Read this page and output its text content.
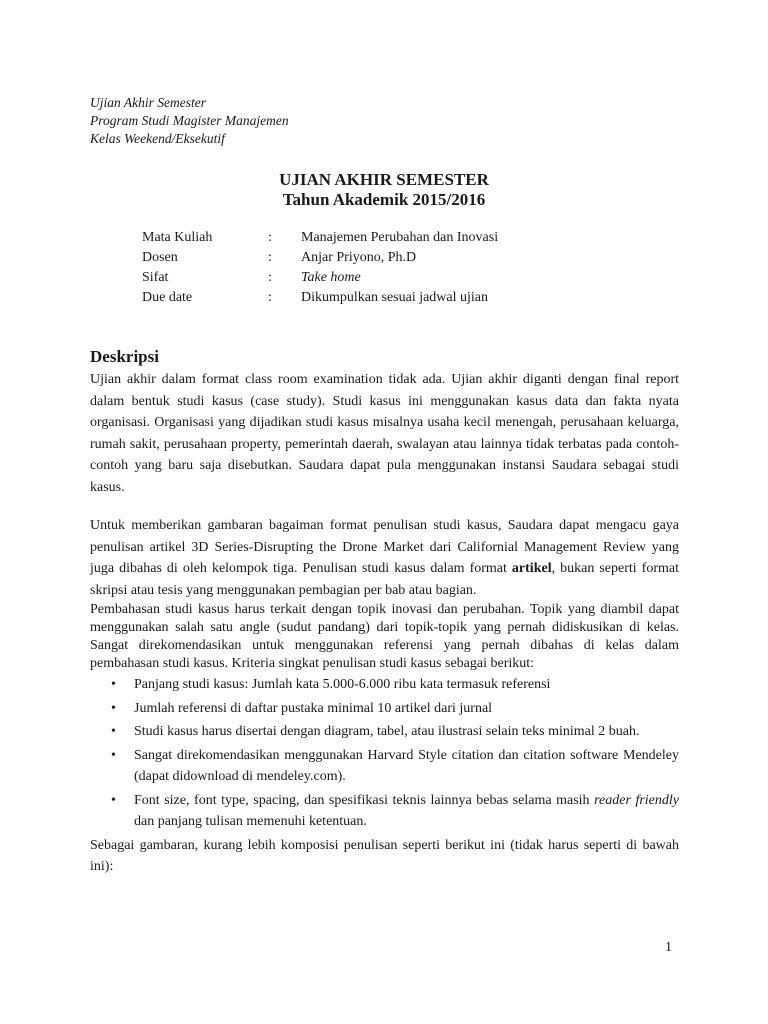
Ujian Akhir Semester
Program Studi Magister Manajemen
Kelas Weekend/Eksekutif
UJIAN AKHIR SEMESTER
Tahun Akademik 2015/2016
Mata Kuliah	:	Manajemen Perubahan dan Inovasi
Dosen	:	Anjar Priyono, Ph.D
Sifat	:	Take home
Due date	:	Dikumpulkan sesuai jadwal ujian
Deskripsi

Ujian akhir dalam format class room examination tidak ada. Ujian akhir diganti dengan final report dalam bentuk studi kasus (case study). Studi kasus ini menggunakan kasus data dan fakta nyata organisasi. Organisasi yang dijadikan studi kasus misalnya usaha kecil menengah, perusahaan keluarga, rumah sakit, perusahaan property, pemerintah daerah, swalayan atau lainnya tidak terbatas pada contoh-contoh yang baru saja disebutkan. Saudara dapat pula menggunakan instansi Saudara sebagai studi kasus.

Untuk memberikan gambaran bagaiman format penulisan studi kasus, Saudara dapat mengacu gaya penulisan artikel 3D Series-Disrupting the Drone Market dari Californial Management Review yang juga dibahas di oleh kelompok tiga. Penulisan studi kasus dalam format artikel, bukan seperti format skripsi atau tesis yang menggunakan pembagian per bab atau bagian.

Pembahasan studi kasus harus terkait dengan topik inovasi dan perubahan. Topik yang diambil dapat menggunakan salah satu angle (sudut pandang) dari topik-topik yang pernah didiskusikan di kelas. Sangat direkomendasikan untuk menggunakan referensi yang pernah dibahas di kelas dalam pembahasan studi kasus. Kriteria singkat penulisan studi kasus sebagai berikut:

• Panjang studi kasus: Jumlah kata 5.000-6.000 ribu kata termasuk referensi
• Jumlah referensi di daftar pustaka minimal 10 artikel dari jurnal
• Studi kasus harus disertai dengan diagram, tabel, atau ilustrasi selain teks minimal 2 buah.
• Sangat direkomendasikan menggunakan Harvard Style citation dan citation software Mendeley (dapat didownload di mendeley.com).
• Font size, font type, spacing, dan spesifikasi teknis lainnya bebas selama masih reader friendly dan panjang tulisan memenuhi ketentuan.

Sebagai gambaran, kurang lebih komposisi penulisan seperti berikut ini (tidak harus seperti di bawah ini):

1
